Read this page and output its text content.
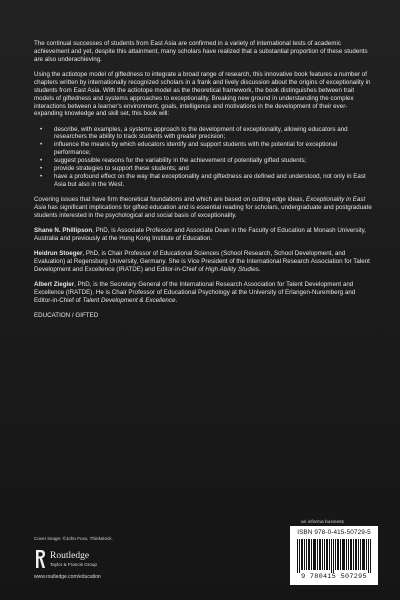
The continual successes of students from East Asia are confirmed in a variety of international tests of academic achievement and yet, despite this attainment, many scholars have realized that a substantial proportion of these students are also underachieving.

Using the actiotope model of giftedness to integrate a broad range of research, this innovative book features a number of chapters written by internationally recognized scholars in a frank and lively discussion about the origins of exceptionality in students from East Asia. With the actiotope model as the theoretical framework, the book distinguishes between trait models of giftedness and systems approaches to exceptionality. Breaking new ground in understanding the complex interactions between a learner's environment, goals, intelligence and motivations in the development of their ever-expanding knowledge and skill set, this book will:

• describe, with examples, a systems approach to the development of exceptionality, allowing educators and researchers the ability to track students with greater precision;
• influence the means by which educators identify and support students with the potential for exceptional performance;
• suggest possible reasons for the variability in the achievement of potentially gifted students;
• provide strategies to support these students; and
• have a profound effect on the way that exceptionality and giftedness are defined and understood, not only in East Asia but also in the West.

Covering issues that have firm theoretical foundations and which are based on cutting edge ideas, Exceptionality in East Asia has significant implications for gifted education and is essential reading for scholars, undergraduate and postgraduate students interested in the psychological and social basis of exceptionality.

Shane N. Phillipson, PhD, is Associate Professor and Associate Dean in the Faculty of Education at Monash University, Australia and previously at the Hong Kong Institute of Education.

Heidrun Stoeger, PhD, is Chair Professor of Educational Sciences (School Research, School Development, and Evaluation) at Regensburg University, Germany. She is Vice President of the International Research Association for Talent Development and Excellence (IRATDE) and Editor-in-Chief of High Ability Studies.

Albert Ziegler, PhD, is the Secretary General of the International Research Association for Talent Development and Excellence (IRATDE). He is Chair Professor of Educational Psychology at the University of Erlangen-Nuremberg and Editor-in-Chief of Talent Development & Excellence.

EDUCATION / GIFTED

Cover image: ©John Foxx, Thinkstock.
Routledge
Taylor & Francis Group
www.routledge.com/education
an informa business
ISBN 978-0-415-50729-5
9 780415 507295
